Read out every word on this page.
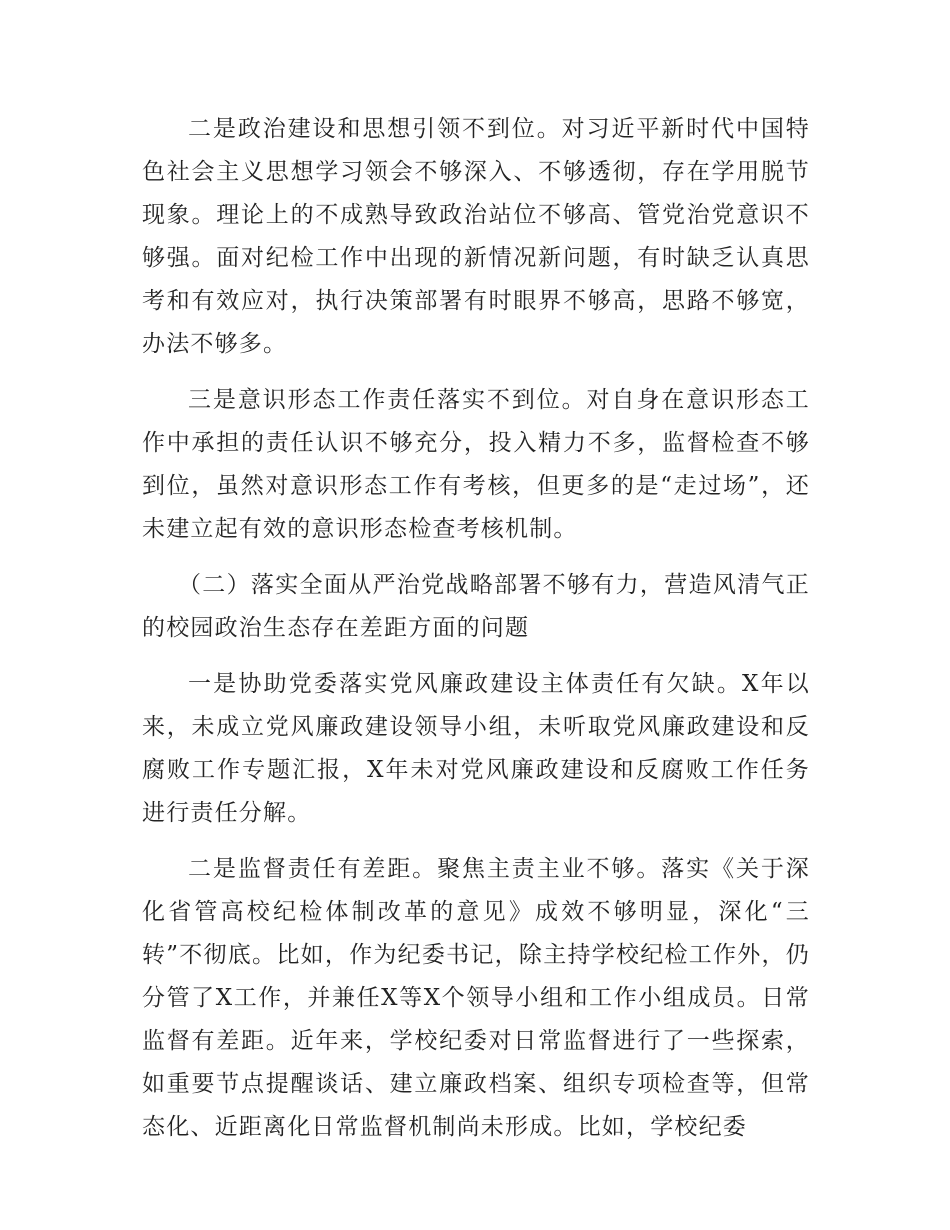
二是政治建设和思想引领不到位。对习近平新时代中国特色社会主义思想学习领会不够深入、不够透彻，存在学用脱节现象。理论上的不成熟导致政治站位不够高、管党治党意识不够强。面对纪检工作中出现的新情况新问题，有时缺乏认真思考和有效应对，执行决策部署有时眼界不够高，思路不够宽，办法不够多。

三是意识形态工作责任落实不到位。对自身在意识形态工作中承担的责任认识不够充分，投入精力不多，监督检查不够到位，虽然对意识形态工作有考核，但更多的是“走过场”，还未建立起有效的意识形态检查考核机制。

（二）落实全面从严治党战略部署不够有力，营造风清气正的校园政治生态存在差距方面的问题

一是协助党委落实党风廉政建设主体责任有欠缺。X年以来，未成立党风廉政建设领导小组，未听取党风廉政建设和反腐败工作专题汇报，X年未对党风廉政建设和反腐败工作任务进行责任分解。

二是监督责任有差距。聚焦主责主业不够。落实《关于深化省管高校纪检体制改革的意见》成效不够明显，深化“三转”不彻底。比如，作为纪委书记，除主持学校纪检工作外，仍分管了X工作，并兼任X等X个领导小组和工作小组成员。日常监督有差距。近年来，学校纪委对日常监督进行了一些探索，如重要节点提醒谈话、建立廉政档案、组织专项检查等，但常态化、近距离化日常监督机制尚未形成。比如，学校纪委
